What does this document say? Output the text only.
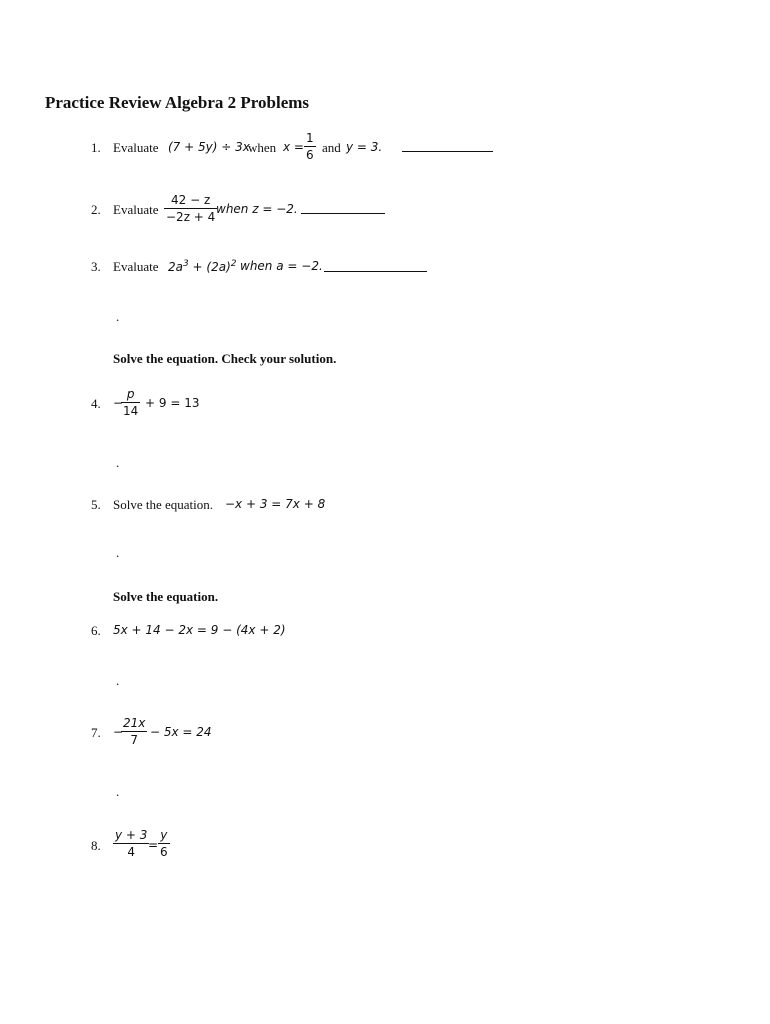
Practice Review Algebra 2 Problems
1. Evaluate (7 + 5y) ÷ 3x
when $x = \frac{1}{6}$ and y = 3.
2. Evaluate $\frac{42 - z}{-2z + 4}$
when z = −2.
3. Evaluate $2a^3 + (2a)^2$ when a = −2.
.
Solve the equation. Check your solution.
4. −
$\frac{p}{14} + 9 = 13$
.
5. Solve the equation. −x + 3 = 7x + 8
.
Solve the equation.
6. 5x + 14 − 2x = 9 − (4x + 2)
.
7. −
$\frac{21x}{7} - 5x = 24$
.
8. $\frac{y + 3}{4}$
= $\frac{y}{6}$
